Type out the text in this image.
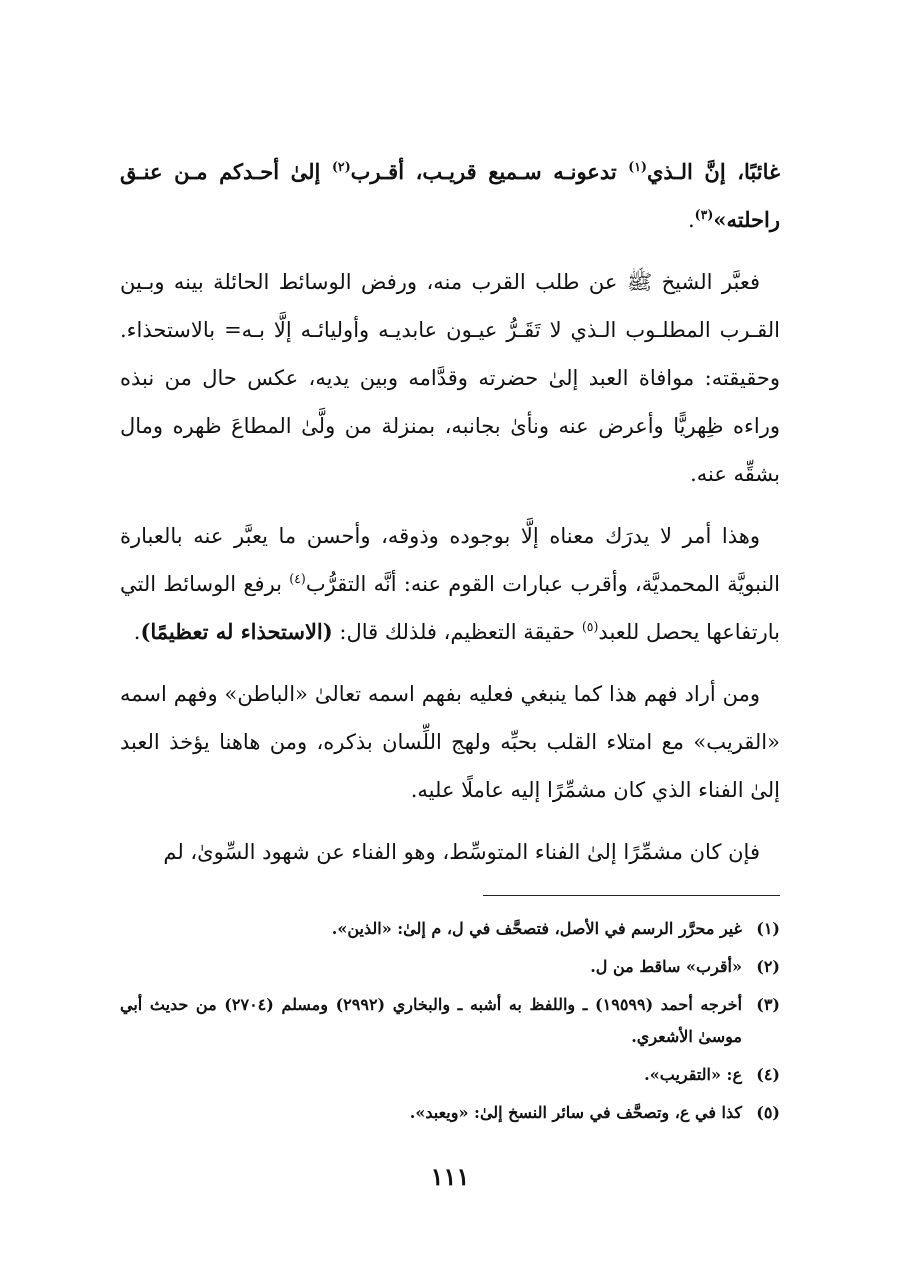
غائبًا، إنَّ الـذي$^{(١)}$ تدعونـه سـميع قريـب، أقـرب$^{(٢)}$ إلىٰ أحـدكم مـن عنـق راحلته»$^{(٣)}$.

فعبَّر الشيخ ﷺ عن طلب القرب منه، ورفض الوسائط الحائلة بينه وبـين القـرب المطلـوب الـذي لا تَقَـرُّ عيـون عابديـه وأوليائـه إلَّا بـه= بالاستحذاء. وحقيقته: موافاة العبد إلىٰ حضرته وقدَّامه وبين يديه، عكس حال من نبذه وراءه ظِهريًّا وأعرض عنه ونأىٰ بجانبه، بمنزلة من ولَّىٰ المطاعَ ظهره ومال بشقِّه عنه.

وهذا أمر لا يدرَك معناه إلَّا بوجوده وذوقه، وأحسن ما يعبَّر عنه بالعبارة النبويَّة المحمديَّة، وأقرب عبارات القوم عنه: أنَّه التقرُّب$^{(٤)}$ برفع الوسائط التي بارتفاعها يحصل للعبد$^{(٥)}$ حقيقة التعظيم، فلذلك قال: (الاستحذاء له تعظيمًا).

ومن أراد فهم هذا كما ينبغي فعليه بفهم اسمه تعالىٰ «الباطن» وفهم اسمه «القريب» مع امتلاء القلب بحبِّه ولهج اللِّسان بذكره، ومن هاهنا يؤخذ العبد إلىٰ الفناء الذي كان مشمِّرًا إليه عاملًا عليه.

فإن كان مشمِّرًا إلىٰ الفناء المتوسِّط، وهو الفناء عن شهود السِّوىٰ، لم

(١)
غير محرَّر الرسم في الأصل، فتصحَّف في ل، م إلىٰ: «الذين».
(٢)
«أقرب» ساقط من ل.
(٣)
أخرجه أحمد (١٩٥٩٩) ـ واللفظ به أشبه ـ والبخاري (٢٩٩٢) ومسلم (٢٧٠٤) من حديث أبي موسىٰ الأشعري.
(٤)
ع: «التقريب».
(٥)
كذا في ع، وتصحَّف في سائر النسخ إلىٰ: «ويعبد».
١١١
